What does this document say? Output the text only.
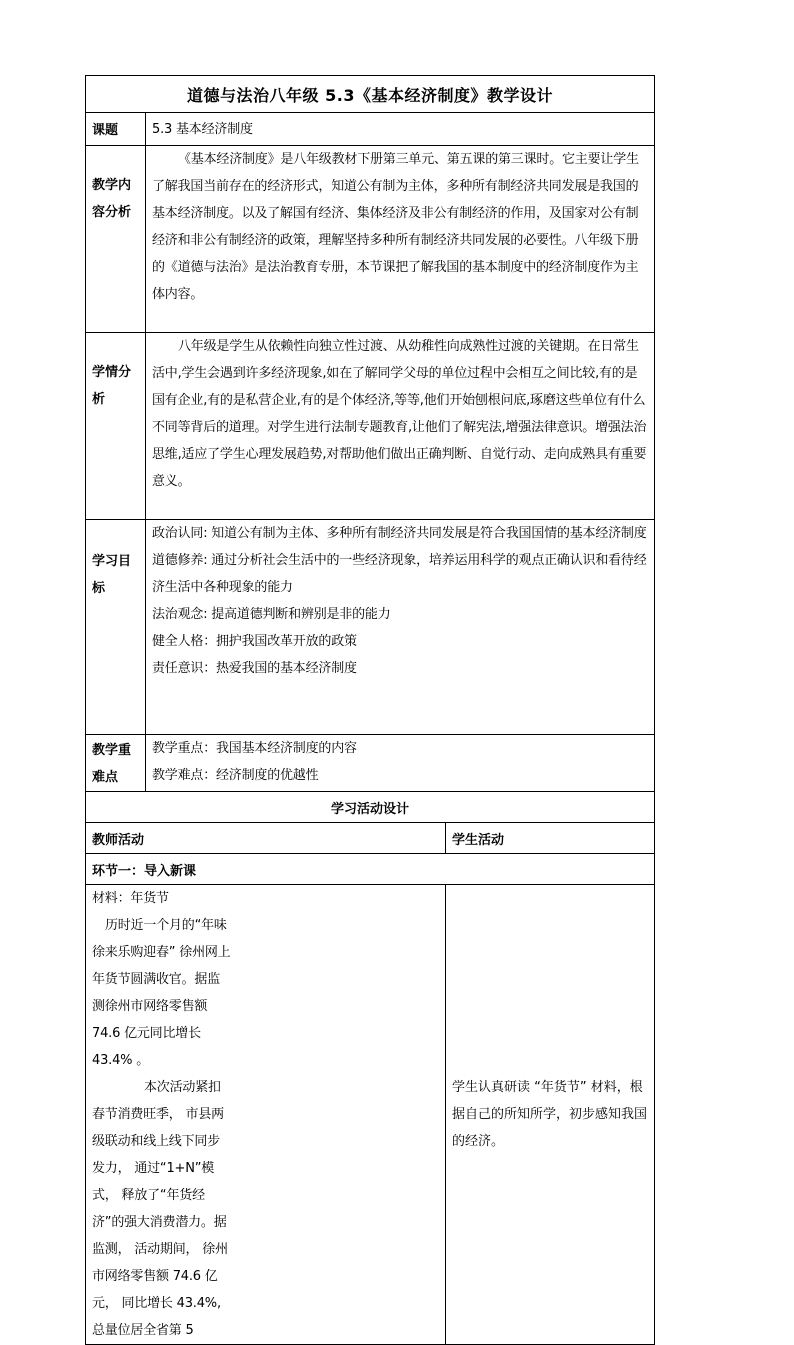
道德与法治八年级 5.3《基本经济制度》教学设计		
课题	5.3 基本经济制度	
教学内容分析	《基本经济制度》是八年级教材下册第三单元、第五课的第三课时。它主要让学生了解我国当前存在的经济形式，知道公有制为主体，多种所有制经济共同发展是我国的基本经济制度。以及了解国有经济、集体经济及非公有制经济的作用，及国家对公有制经济和非公有制经济的政策，理解坚持多种所有制经济共同发展的必要性。八年级下册的《道德与法治》是法治教育专册，本节课把了解我国的基本制度中的经济制度作为主体内容。	

学情分析	八年级是学生从依赖性向独立性过渡、从幼稚性向成熟性过渡的关键期。在日常生活中,学生会遇到许多经济现象,如在了解同学父母的单位过程中会相互之间比较,有的是国有企业,有的是私营企业,有的是个体经济,等等,他们开始刨根问底,琢磨这些单位有什么不同等背后的道理。对学生进行法制专题教育,让他们了解宪法,增强法律意识。增强法治思维,适应了学生心理发展趋势,对帮助他们做出正确判断、自觉行动、走向成熟具有重要意义。	

学习目标	政治认同: 知道公有制为主体、多种所有制经济共同发展是符合我国国情的基本经济制度

道德修养: 通过分析社会生活中的一些经济现象，培养运用科学的观点正确认识和看待经济生活中各种现象的能力

法治观念: 提高道德判断和辨别是非的能力

健全人格：拥护我国改革开放的政策

责任意识：热爱我国的基本经济制度	

教学重难点	教学重点：我国基本经济制度的内容

教学难点：经济制度的优越性	

学习活动设计		
教师活动		学生活动
环节一：导入新课		

材料：年货节

历时近一个月的“年味徐来乐购迎春” 徐州网上年货节圆满收官。据监测徐州市网络零售额 74.6 亿元同比增长 43.4% 。

本次活动紧扣春节消费旺季， 市县两级联动和线上线下同步发力， 通过“1+N”模式， 释放了“年货经济”的强大消费潜力。据监测， 活动期间， 徐州市网络零售额 74.6 亿元， 同比增长 43.4%, 总量位居全省第 5		学生认真研读 “年货节” 材料，根据自己的所知所学，初步感知我国的经济。
